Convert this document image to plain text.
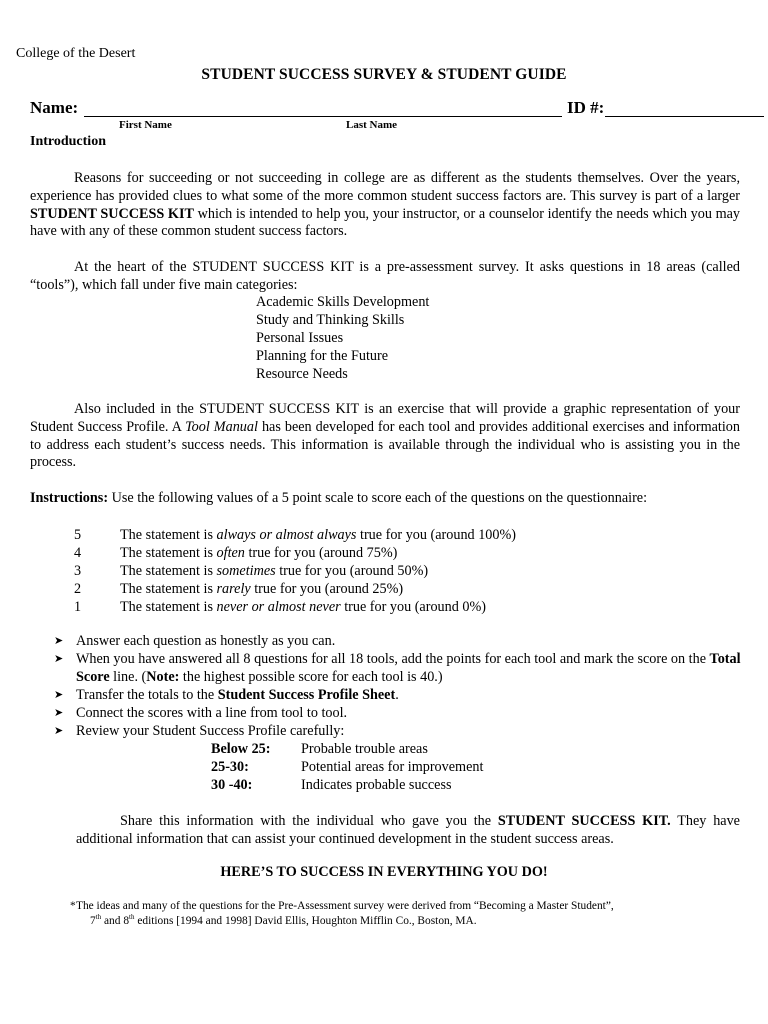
College of the Desert
STUDENT SUCCESS SURVEY & STUDENT GUIDE
Name:	ID #:
First Name	Last Name
Introduction
Reasons for succeeding or not succeeding in college are as different as the students themselves. Over the years, experience has provided clues to what some of the more common student success factors are. This survey is part of a larger STUDENT SUCCESS KIT which is intended to help you, your instructor, or a counselor identify the needs which you may have with any of these common student success factors.
At the heart of the STUDENT SUCCESS KIT is a pre-assessment survey. It asks questions in 18 areas (called “tools”), which fall under five main categories:
Academic Skills Development
Study and Thinking Skills
Personal Issues
Planning for the Future
Resource Needs
Also included in the STUDENT SUCCESS KIT is an exercise that will provide a graphic representation of your Student Success Profile. A Tool Manual has been developed for each tool and provides additional exercises and information to address each student’s success needs. This information is available through the individual who is assisting you in the process.
Instructions: Use the following values of a 5 point scale to score each of the questions on the questionnaire:
5	The statement is always or almost always true for you (around 100%)
4	The statement is often true for you (around 75%)
3	The statement is sometimes true for you (around 50%)
2	The statement is rarely true for you (around 25%)
1	The statement is never or almost never true for you (around 0%)
➤ Answer each question as honestly as you can.
➤ When you have answered all 8 questions for all 18 tools, add the points for each tool and mark the score on the Total Score line. (Note: the highest possible score for each tool is 40.)
➤ Transfer the totals to the Student Success Profile Sheet.
➤ Connect the scores with a line from tool to tool.
➤ Review your Student Success Profile carefully:
Below 25: Probable trouble areas
25-30:	Potential areas for improvement
30 -40:	Indicates probable success
Share this information with the individual who gave you the STUDENT SUCCESS KIT. They have additional information that can assist your continued development in the student success areas.
HERE’S TO SUCCESS IN EVERYTHING YOU DO!
* The ideas and many of the questions for the Pre-Assessment survey were derived from “Becoming a Master Student”,
7th and 8th editions [1994 and 1998] David Ellis, Houghton Mifflin Co., Boston, MA.
